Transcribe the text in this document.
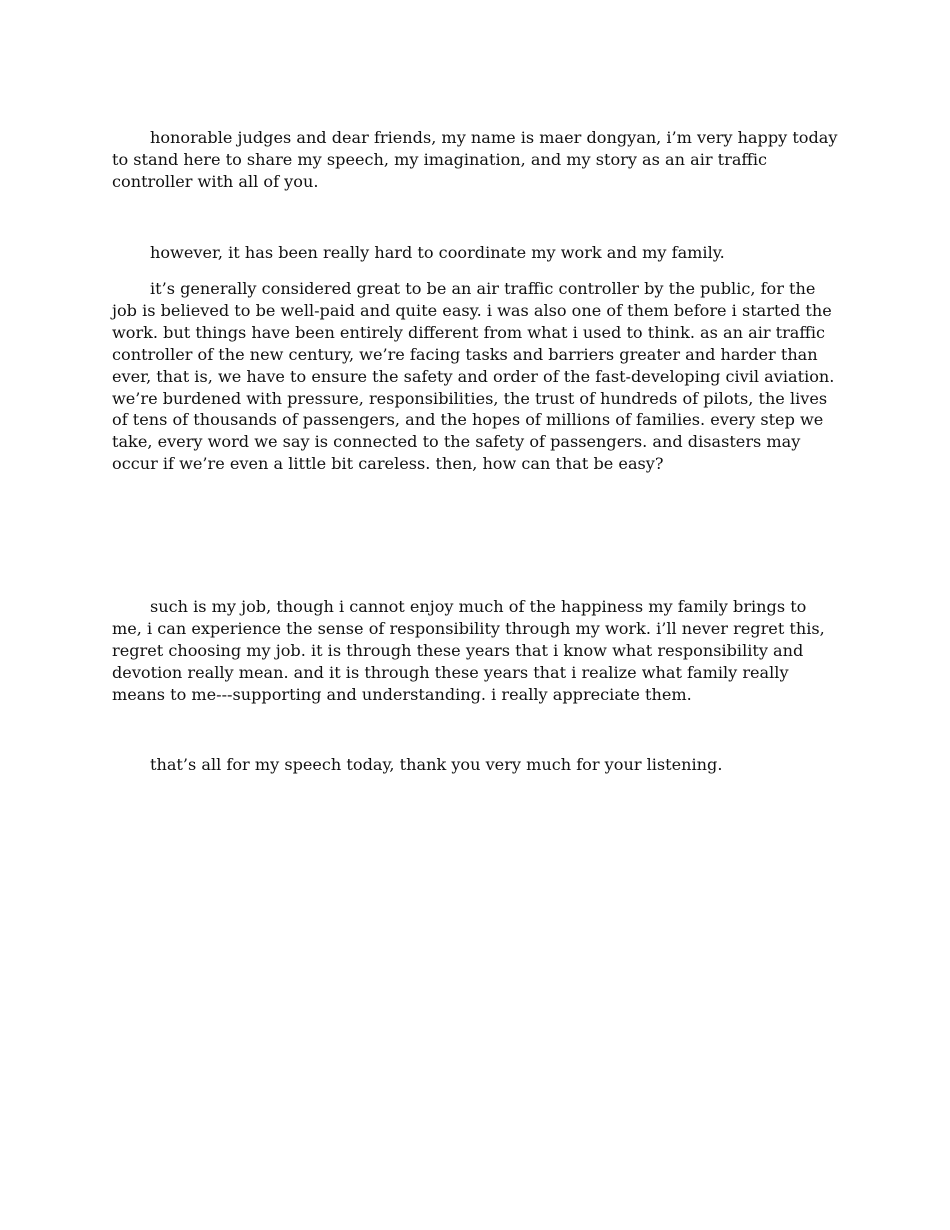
honorable judges and dear friends, my name is maer dongyan, i’m very happy today to stand here to share my speech, my imagination, and my story as an air traffic controller with all of you.

however, it has been really hard to coordinate my work and my family.

it’s generally considered great to be an air traffic controller by the public, for the job is believed to be well-paid and quite easy. i was also one of them before i started the work. but things have been entirely different from what i used to think. as an air traffic controller of the new century, we’re facing tasks and barriers greater and harder than ever, that is, we have to ensure the safety and order of the fast-developing civil aviation. we’re burdened with pressure, responsibilities, the trust of hundreds of pilots, the lives of tens of thousands of passengers, and the hopes of millions of families. every step we take, every word we say is connected to the safety of passengers. and disasters may occur if we’re even a little bit careless. then, how can that be easy?

such is my job, though i cannot enjoy much of the happiness my family brings to me, i can experience the sense of responsibility through my work. i’ll never regret this, regret choosing my job. it is through these years that i know what responsibility and devotion really mean. and it is through these years that i realize what family really means to me---supporting and understanding. i really appreciate them.

that’s all for my speech today, thank you very much for your listening.
